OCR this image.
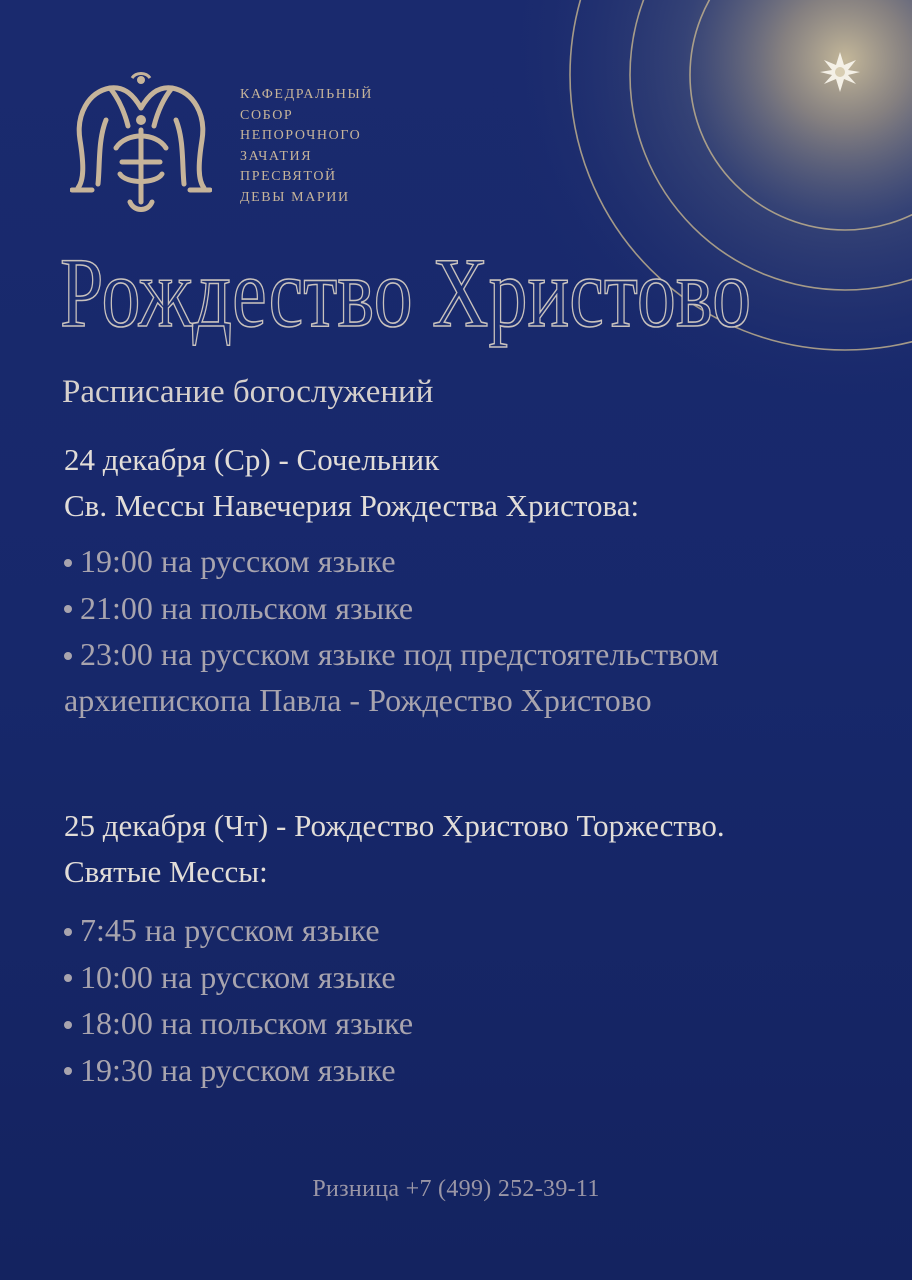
КАФЕДРАЛЬНЫЙ
СОБОР
НЕПОРОЧНОГО
ЗАЧАТИЯ
ПРЕСВЯТОЙ
ДЕВЫ МАРИИ
Рождество Христово
Расписание богослужений
24 декабря (Ср) - Сочельник
Св. Мессы Навечерия Рождества Христова:
19:00 на русском языке
21:00 на польском языке
23:00 на русском языке под предстоятельством
архиепископа Павла - Рождество Христово
25 декабря (Чт) - Рождество Христово Торжество.
Святые Мессы:
7:45 на русском языке
10:00 на русском языке
18:00 на польском языке
19:30 на русском языке
Ризница +7 (499) 252-39-11
